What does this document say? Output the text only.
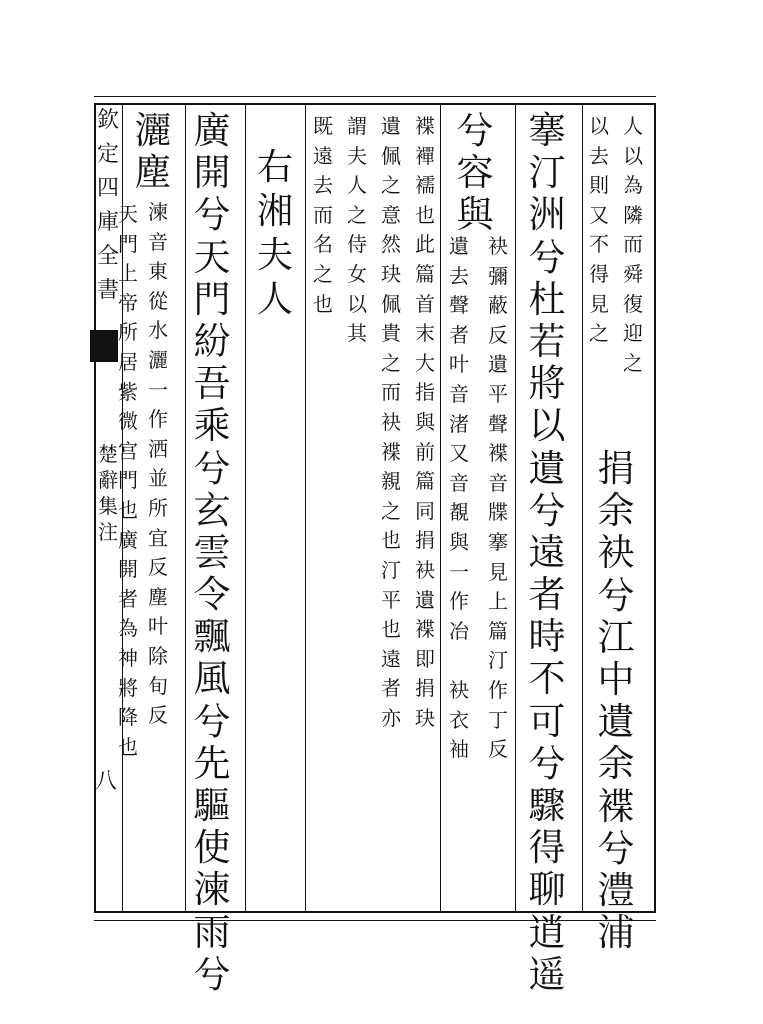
欽
定
四
庫
全
書
楚
辭
集
注
八
天
門
上
帝
所
居
紫
微
宫
門
也
廣
開
者
為
神
將
降
也
灑
塵
湅
音
東
從
水
灑
一
作
洒
並
所
宜
反
塵
叶
除
旬
反
廣
開
兮
天
門
紛
吾
乘
兮
玄
雲
令
飄
風
兮
先
驅
使
湅
雨
兮
右
湘
夫
人
既
遠
去
而
名
之
也
謂
夫
人
之
侍
女
以
其
遺
佩
之
意
然
玦
佩
貴
之
而
袂
褋
親
之
也
汀
平
也
遠
者
亦
褋
襌
襦
也
此
篇
首
末
大
指
與
前
篇
同
捐
袂
遺
褋
即
捐
玦
遺
去
聲
者
叶
音
渚
又
音
覩
與
一
作
冶

袂
衣
袖
兮
容
與
袂
彌
蔽
反
遺
平
聲
褋
音
牒
搴
見
上
篇
汀
作
丁
反
搴
汀
洲
兮
杜
若
將
以
遺
兮
遠
者
時
不
可
兮
驟
得
聊
逍
遥
以
去
則
又
不
得
見
之
人
以
為
隣
而
舜
復
迎
之
捐
余
袂
兮
江
中
遺
余
褋
兮
澧
浦
